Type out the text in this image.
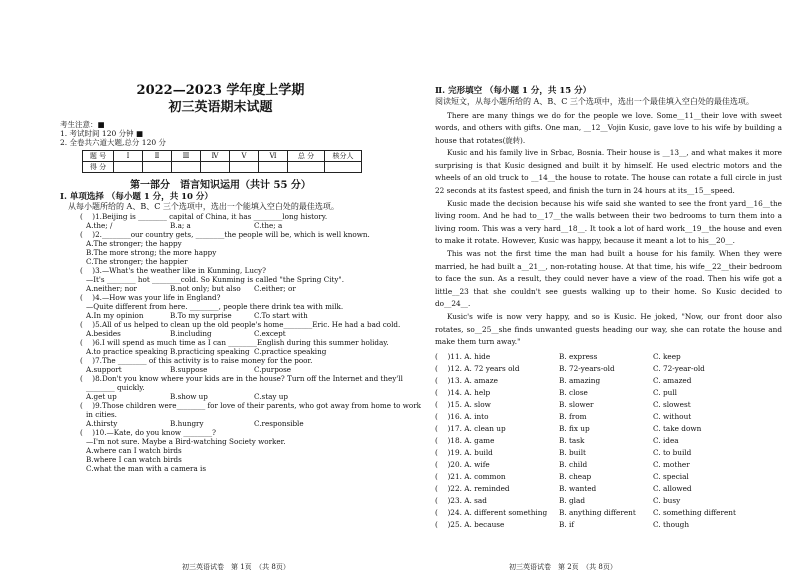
2022—2023 学年度上学期

初三英语期末试题

考生注意：■
1. 考试时间 120 分钟 ■
2. 全卷共六道大题,总分 120 分
题 号	Ⅰ	Ⅱ	Ⅲ	Ⅳ	Ⅴ	Ⅵ	总 分	核分人
得 分								
第一部分　语言知识运用（共计 55 分）
Ⅰ. 单项选择 （每小题 1 分，共 10 分）
从每小题所给的 A、B、C 三个选项中，选出一个能填入空白处的最佳选项。
( 　)1.Beijing is ________ capital of China, it has ________long history.
A.the; /	B.a; a	C.the; a
( 　)2.________our country gets, ________the people will be, which is well known.
A.The stronger; the happy
B.The more strong; the more happy
C.The stronger; the happier
( 　)3.—What's the weather like in Kunming, Lucy?
—It's ________ hot ________cold. So Kunming is called "the Spring City".
A.neither; nor	B.not only; but also	C.either; or
( 　)4.—How was your life in England?
—Quite different from here. ________, people there drink tea with milk.
A.In my opinion	B.To my surprise	C.To start with
( 　)5.All of us helped to clean up the old people's home________Eric. He had a bad cold.
A.besides	B.including	C.except
( 　)6.I will spend as much time as I can ________English during this summer holiday.
A.to practice speaking B.practicing speaking C.practice speaking
( 　)7.The ________ of this activity is to raise money for the poor.
A.support	B.suppose	C.purpose
( 　)8.Don't you know where your kids are in the house? Turn off the Internet and they'll
________ quickly.
A.get up	B.show up	C.stay up
( 　)9.Those children were________ for love of their parents, who got away from home to work
in cities.
A.thirsty	B.hungry	C.responsible
( 　)10.—Kate, do you know ________?
—I'm not sure. Maybe a Bird-watching Society worker.
A.where can I watch birds
B.where I can watch birds
C.what the man with a camera is
初三英语试卷　第 1页　（共 8页）
Ⅱ. 完形填空 （每小题 1 分，共 15 分）
阅读短文，从每小题所给的 A、B、C 三个选项中，选出一个最佳填入空白处的最佳选项。

There are many things we do for the people we love. Some__11__their love with sweet words, and others with gifts. One man, __12__Vojin Kusic, gave love to his wife by building a house that rotates(旋转).

Kusic and his family live in Srbac, Bosnia. Their house is __13__, and what makes it more surprising is that Kusic designed and built it by himself. He used electric motors and the wheels of an old truck to __14__the house to rotate. The house can rotate a full circle in just 22 seconds at its fastest speed, and finish the turn in 24 hours at its__15__speed.

Kusic made the decision because his wife said she wanted to see the front yard__16__the living room. And he had to__17__the walls between their two bedrooms to turn them into a living room. This was a very hard__18__. It took a lot of hard work__19__the house and even to make it rotate. However, Kusic was happy, because it meant a lot to his__20__.

This was not the first time the man had built a house for his family. When they were married, he had built a__21__, non-rotating house. At that time, his wife__22__their bedroom to face the sun. As a result, they could never have a view of the road. Then his wife got a little__23 that she couldn't see guests walking up to their home. So Kusic decided to do__24__.

Kusic's wife is now very happy, and so is Kusic. He joked, "Now, our front door also rotates, so__25__she finds unwanted guests heading our way, she can rotate the house and make them turn away."

( 　)11. A. hide	B. express	C. keep
( 　)12. A. 72 years old	B. 72-years-old	C. 72-year-old
( 　)13. A. amaze	B. amazing	C. amazed
( 　)14. A. help	B. close	C. pull
( 　)15. A. slow	B. slower	C. slowest
( 　)16. A. into	B. from	C. without
( 　)17. A. clean up	B. fix up	C. take down
( 　)18. A. game	B. task	C. idea
( 　)19. A. build	B. built	C. to build
( 　)20. A. wife	B. child	C. mother
( 　)21. A. common	B. cheap	C. special
( 　)22. A. reminded	B. wanted	C. allowed
( 　)23. A. sad	B. glad	C. busy
( 　)24. A. different something	B. anything different	C. something different
( 　)25. A. because	B. if	C. though
初三英语试卷　第 2页　（共 8页）
